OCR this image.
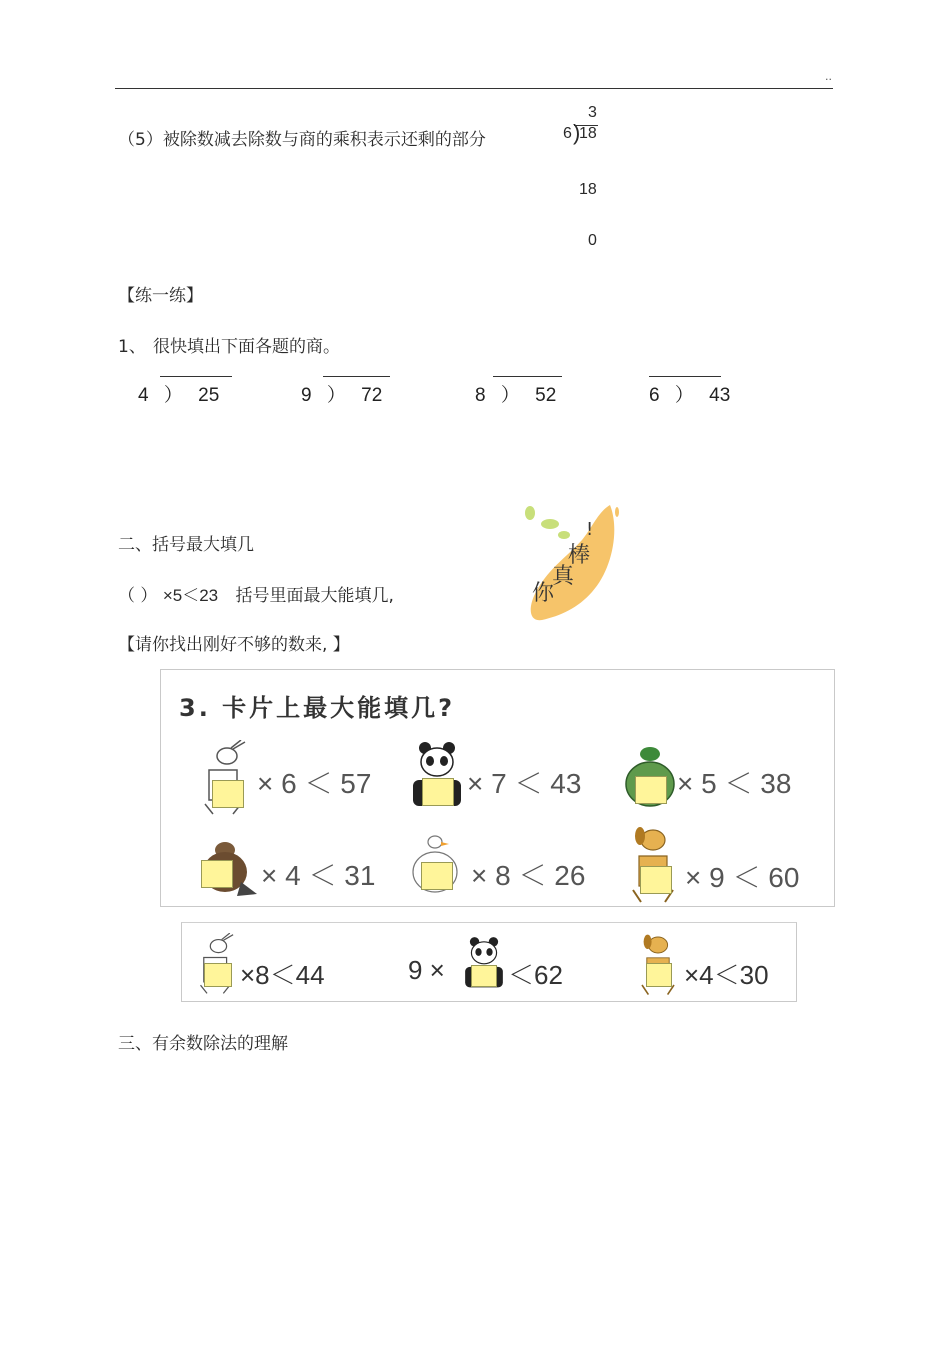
..
（5）被除数减去除数与商的乘积表示还剩的部分
3
6 )
18
18
0
【练一练】
1、 很快填出下面各题的商。
4 ） 25	9 ） 72	8 ） 52	6 ） 43
二、括号最大填几
（ ） ×5＜23 括号里面最大能填几,
【请你找出刚好不够的数来, 】
你
真
棒
!
3. 卡片上最大能填几?
× 6 ＜ 57	× 7 ＜ 43	× 5 ＜ 38
× 4 ＜ 31	× 8 ＜ 26	× 9 ＜ 60
×8＜44	9 × ＜62	×4＜30
三、有余数除法的理解
